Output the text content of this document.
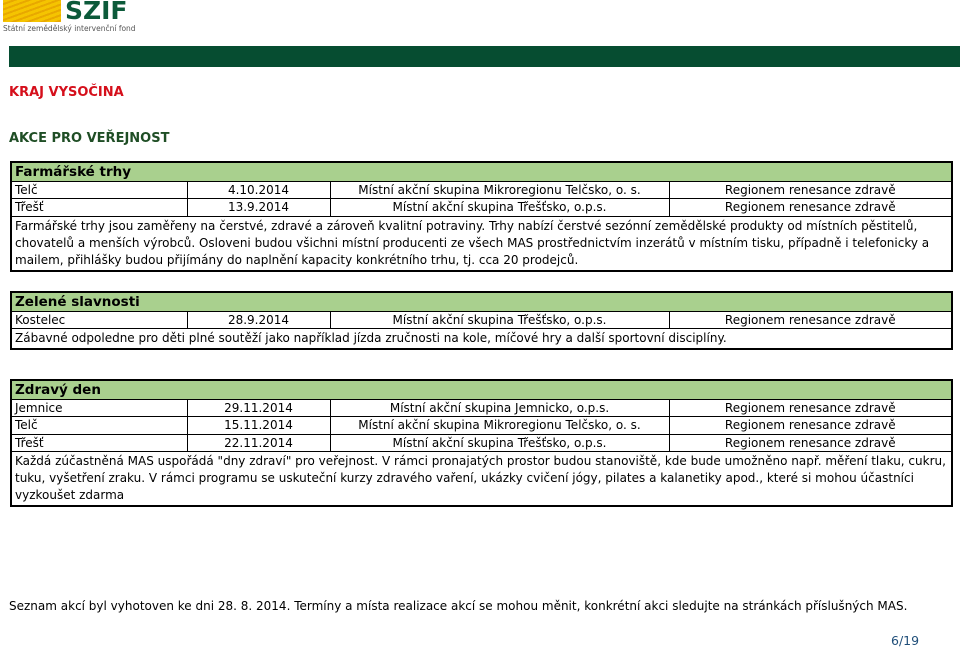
SZIF
Státní zemědělský intervenční fond
KRAJ VYSOČINA
AKCE PRO VEŘEJNOST
Farmářské trhy			
Telč	4.10.2014	Místní akční skupina Mikroregionu Telčsko, o. s.	Regionem renesance zdravě
Třešť	13.9.2014	Místní akční skupina Třešťsko, o.p.s.	Regionem renesance zdravě
Farmářské trhy jsou zaměřeny na čerstvé, zdravé a zároveň kvalitní potraviny. Trhy nabízí čerstvé sezónní zemědělské produkty od místních pěstitelů, chovatelů a menších výrobců. Osloveni budou všichni místní producenti ze všech MAS prostřednictvím inzerátů v místním tisku, případně i telefonicky a mailem, přihlášky budou přijímány do naplnění kapacity konkrétního trhu, tj. cca 20 prodejců.			
Zelené slavnosti
Kostelec	28.9.2014	Místní akční skupina Třešťsko, o.p.s.	Regionem renesance zdravě
Zábavné odpoledne pro děti plné soutěží jako například jízda zručnosti na kole, míčové hry a další sportovní disciplíny.
Zdravý den			
Jemnice	29.11.2014	Místní akční skupina Jemnicko, o.p.s.	Regionem renesance zdravě
Telč	15.11.2014	Místní akční skupina Mikroregionu Telčsko, o. s.	Regionem renesance zdravě
Třešť	22.11.2014	Místní akční skupina Třešťsko, o.p.s.	Regionem renesance zdravě
Každá zúčastněná MAS uspořádá "dny zdraví" pro veřejnost. V rámci pronajatých prostor budou stanoviště, kde bude umožněno např. měření tlaku, cukru, tuku, vyšetření zraku. V rámci programu se uskuteční kurzy zdravého vaření, ukázky cvičení jógy, pilates a kalanetiky apod., které si mohou účastníci vyzkoušet zdarma			
Seznam akcí byl vyhotoven ke dni 28. 8. 2014. Termíny a místa realizace akcí se mohou měnit, konkrétní akci sledujte na stránkách příslušných MAS.
6/19
